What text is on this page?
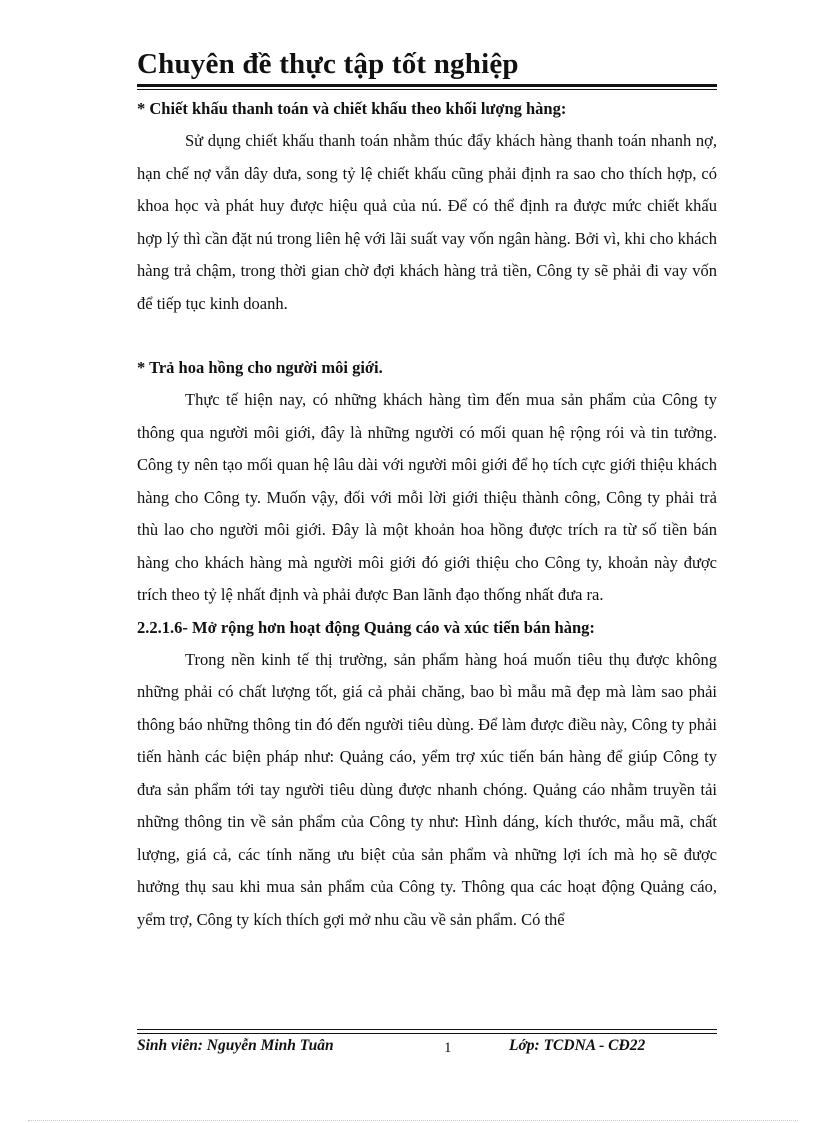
Chuyên đề thực tập tốt nghiệp
* Chiết khấu thanh toán và chiết khấu theo khối lượng hàng:

Sử dụng chiết khấu thanh toán nhằm thúc đẩy khách hàng thanh toán nhanh nợ, hạn chế nợ vẫn dây dưa, song tỷ lệ chiết khấu cũng phải định ra sao cho thích hợp, có khoa học và phát huy được hiệu quả của nú. Để có thể định ra được mức chiết khấu hợp lý thì cần đặt nú trong liên hệ với lãi suất vay vốn ngân hàng. Bởi vì, khi cho khách hàng trả chậm, trong thời gian chờ đợi khách hàng trả tiền, Công ty sẽ phải đi vay vốn để tiếp tục kinh doanh.

* Trả hoa hồng cho người môi giới.

Thực tế hiện nay, có những khách hàng tìm đến mua sản phẩm của Công ty thông qua người môi giới, đây là những người có mối quan hệ rộng rói và tin tưởng. Công ty nên tạo mối quan hệ lâu dài với người môi giới để họ tích cực giới thiệu khách hàng cho Công ty. Muốn vậy, đối với mỗi lời giới thiệu thành công, Công ty phải trả thù lao cho người môi giới. Đây là một khoản hoa hồng được trích ra từ số tiền bán hàng cho khách hàng mà người môi giới đó giới thiệu cho Công ty, khoản này được trích theo tỷ lệ nhất định và phải được Ban lãnh đạo thống nhất đưa ra.

2.2.1.6- Mở rộng hơn hoạt động Quảng cáo và xúc tiến bán hàng:

Trong nền kinh tế thị trường, sản phẩm hàng hoá muốn tiêu thụ được không những phải có chất lượng tốt, giá cả phải chăng, bao bì mẫu mã đẹp mà làm sao phải thông báo những thông tin đó đến người tiêu dùng. Để làm được điều này, Công ty phải tiến hành các biện pháp như: Quảng cáo, yểm trợ xúc tiến bán hàng để giúp Công ty đưa sản phẩm tới tay người tiêu dùng được nhanh chóng. Quảng cáo nhằm truyền tải những thông tin về sản phẩm của Công ty như: Hình dáng, kích thước, mẫu mã, chất lượng, giá cả, các tính năng ưu biệt của sản phẩm và những lợi ích mà họ sẽ được hưởng thụ sau khi mua sản phẩm của Công ty. Thông qua các hoạt động Quảng cáo, yểm trợ, Công ty kích thích gợi mở nhu cầu về sản phẩm. Có thể

Sinh viên: Nguyễn Minh Tuân	1	Lớp: TCDNA - CĐ22
